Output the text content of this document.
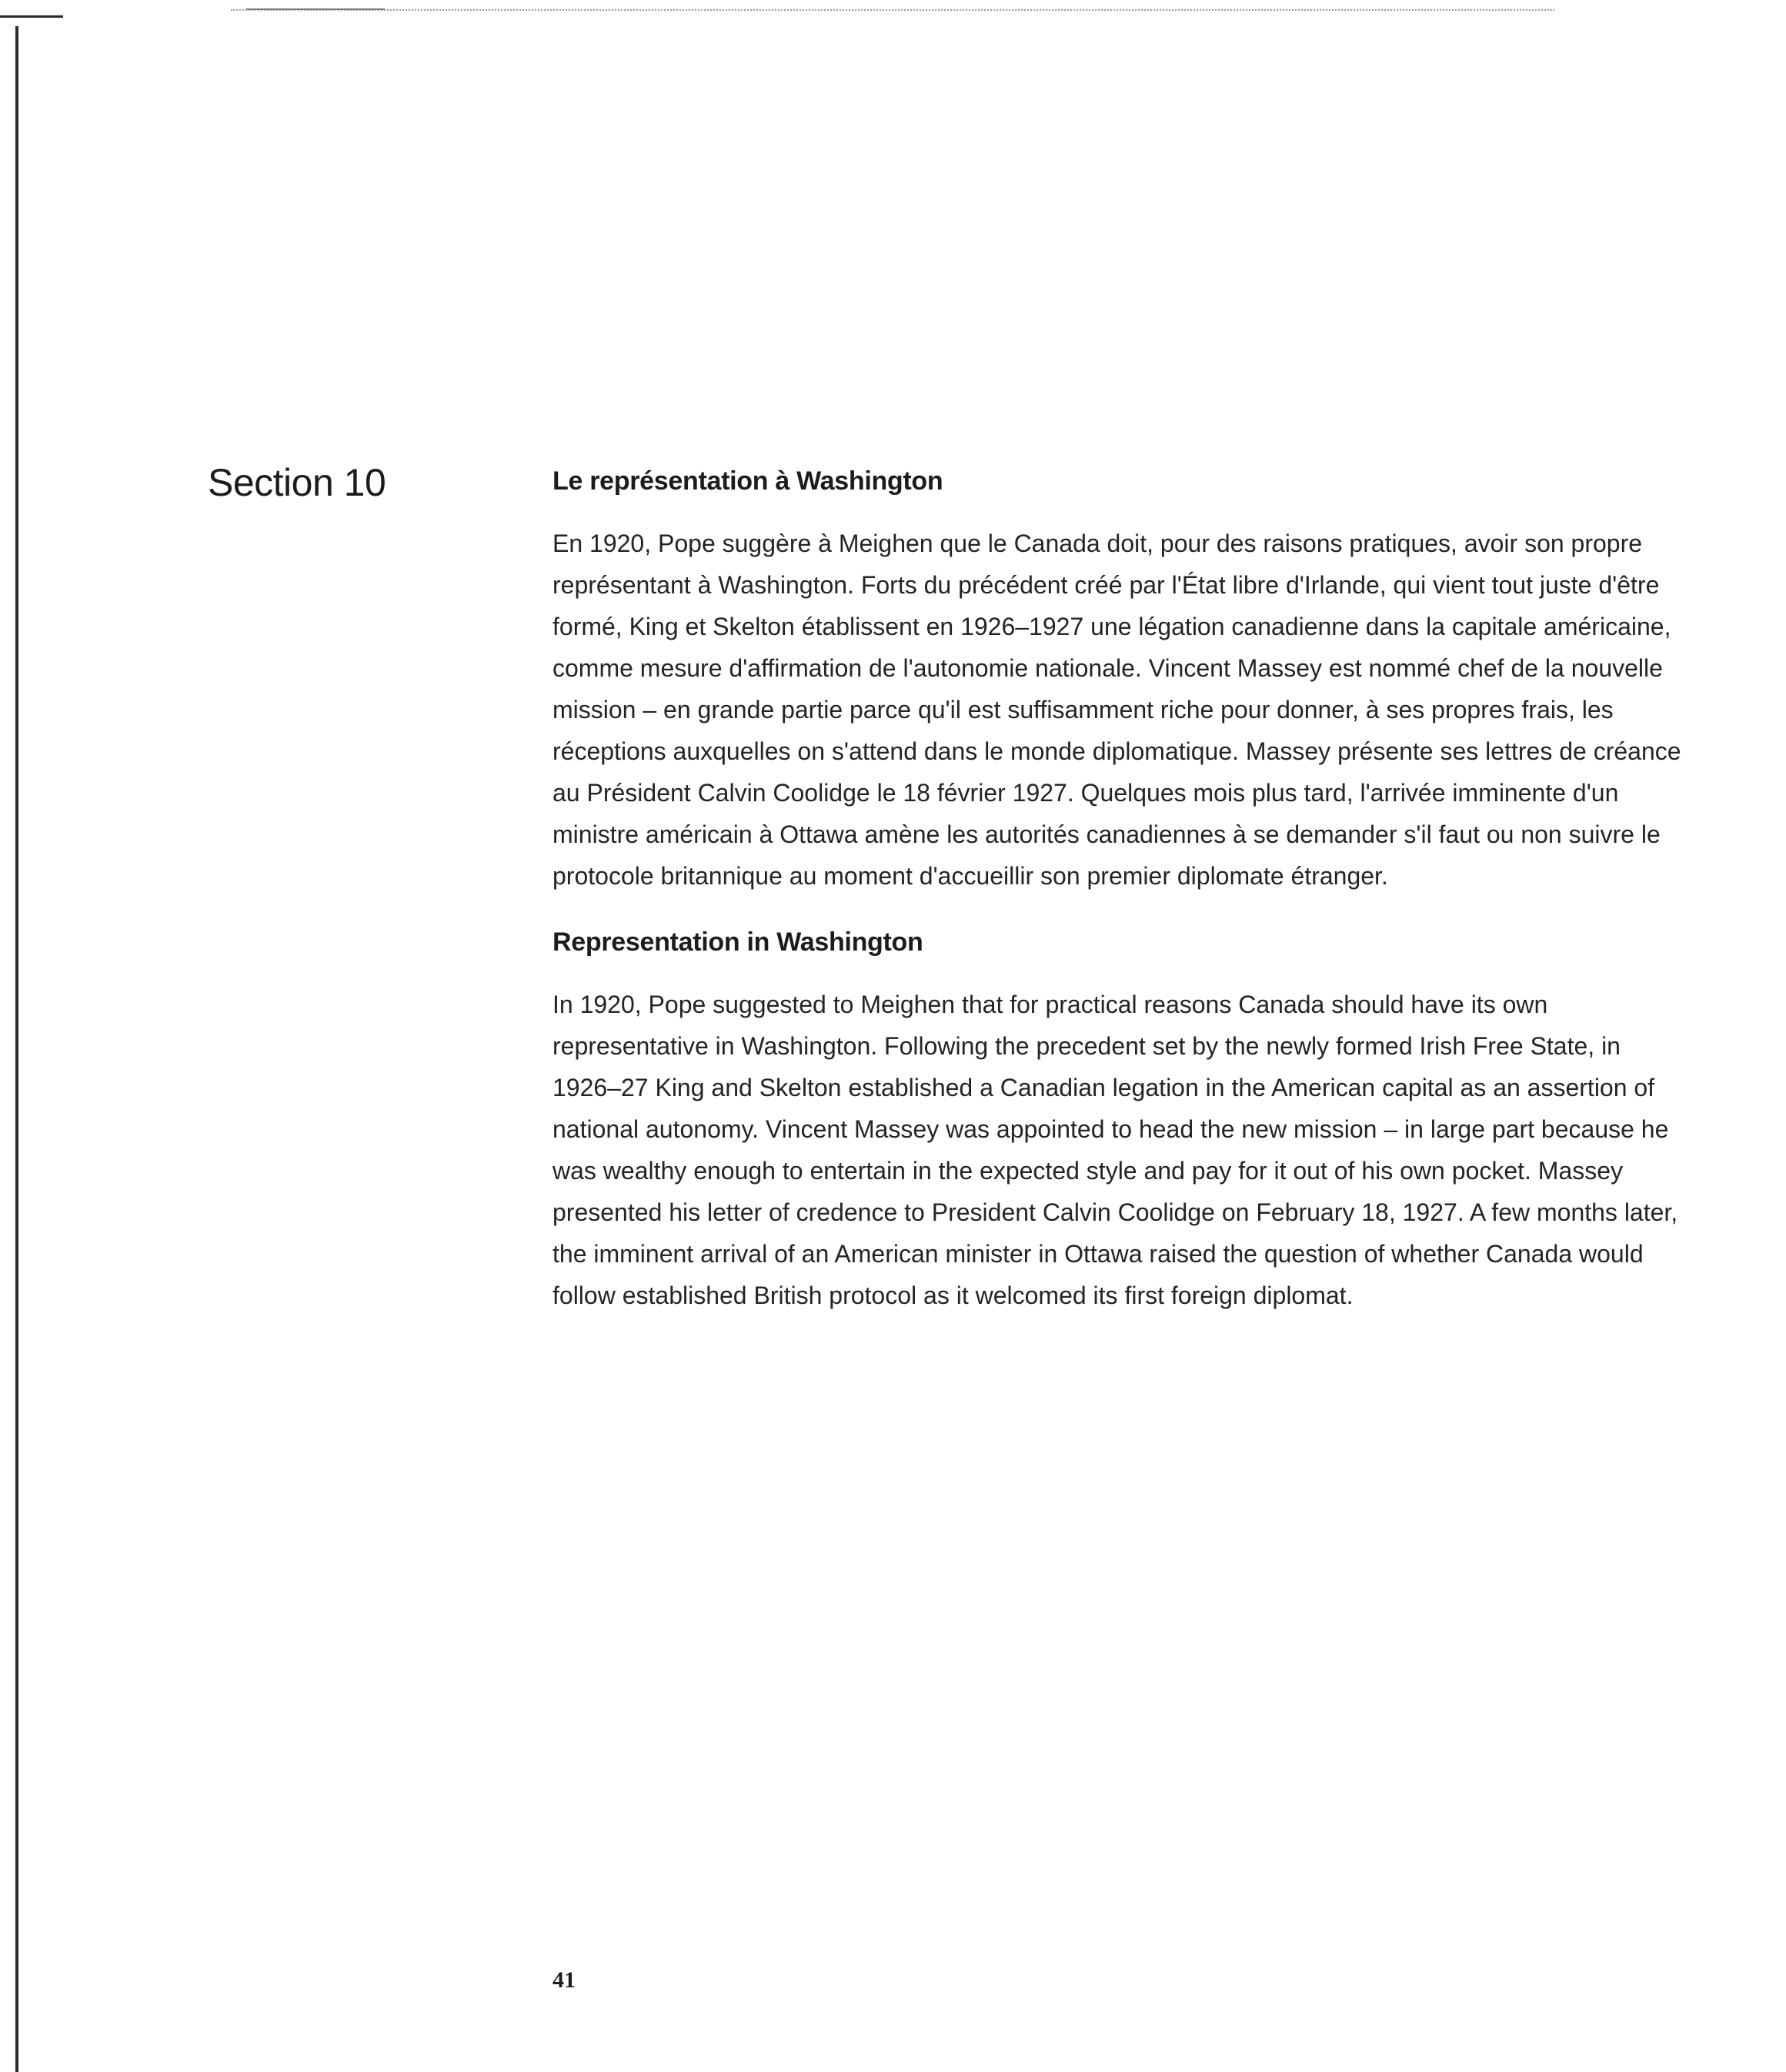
Section 10	Le représentation à Washington

En 1920, Pope suggère à Meighen que le Canada doit, pour des raisons pratiques, avoir son propre représentant à Washington. Forts du précédent créé par l'État libre d'Irlande, qui vient tout juste d'être formé, King et Skelton établissent en 1926–1927 une légation canadienne dans la capitale américaine, comme mesure d'affirmation de l'autonomie nationale. Vincent Massey est nommé chef de la nouvelle mission – en grande partie parce qu'il est suffisamment riche pour donner, à ses propres frais, les réceptions auxquelles on s'attend dans le monde diplomatique. Massey présente ses lettres de créance au Président Calvin Coolidge le 18 février 1927. Quelques mois plus tard, l'arrivée imminente d'un ministre américain à Ottawa amène les autorités canadiennes à se demander s'il faut ou non suivre le protocole britannique au moment d'accueillir son premier diplomate étranger.

Representation in Washington

In 1920, Pope suggested to Meighen that for practical reasons Canada should have its own representative in Washington. Following the precedent set by the newly formed Irish Free State, in 1926–27 King and Skelton established a Canadian legation in the American capital as an assertion of national autonomy. Vincent Massey was appointed to head the new mission – in large part because he was wealthy enough to entertain in the expected style and pay for it out of his own pocket. Massey presented his letter of credence to President Calvin Coolidge on February 18, 1927. A few months later, the imminent arrival of an American minister in Ottawa raised the question of whether Canada would follow established British protocol as it welcomed its first foreign diplomat.

41
